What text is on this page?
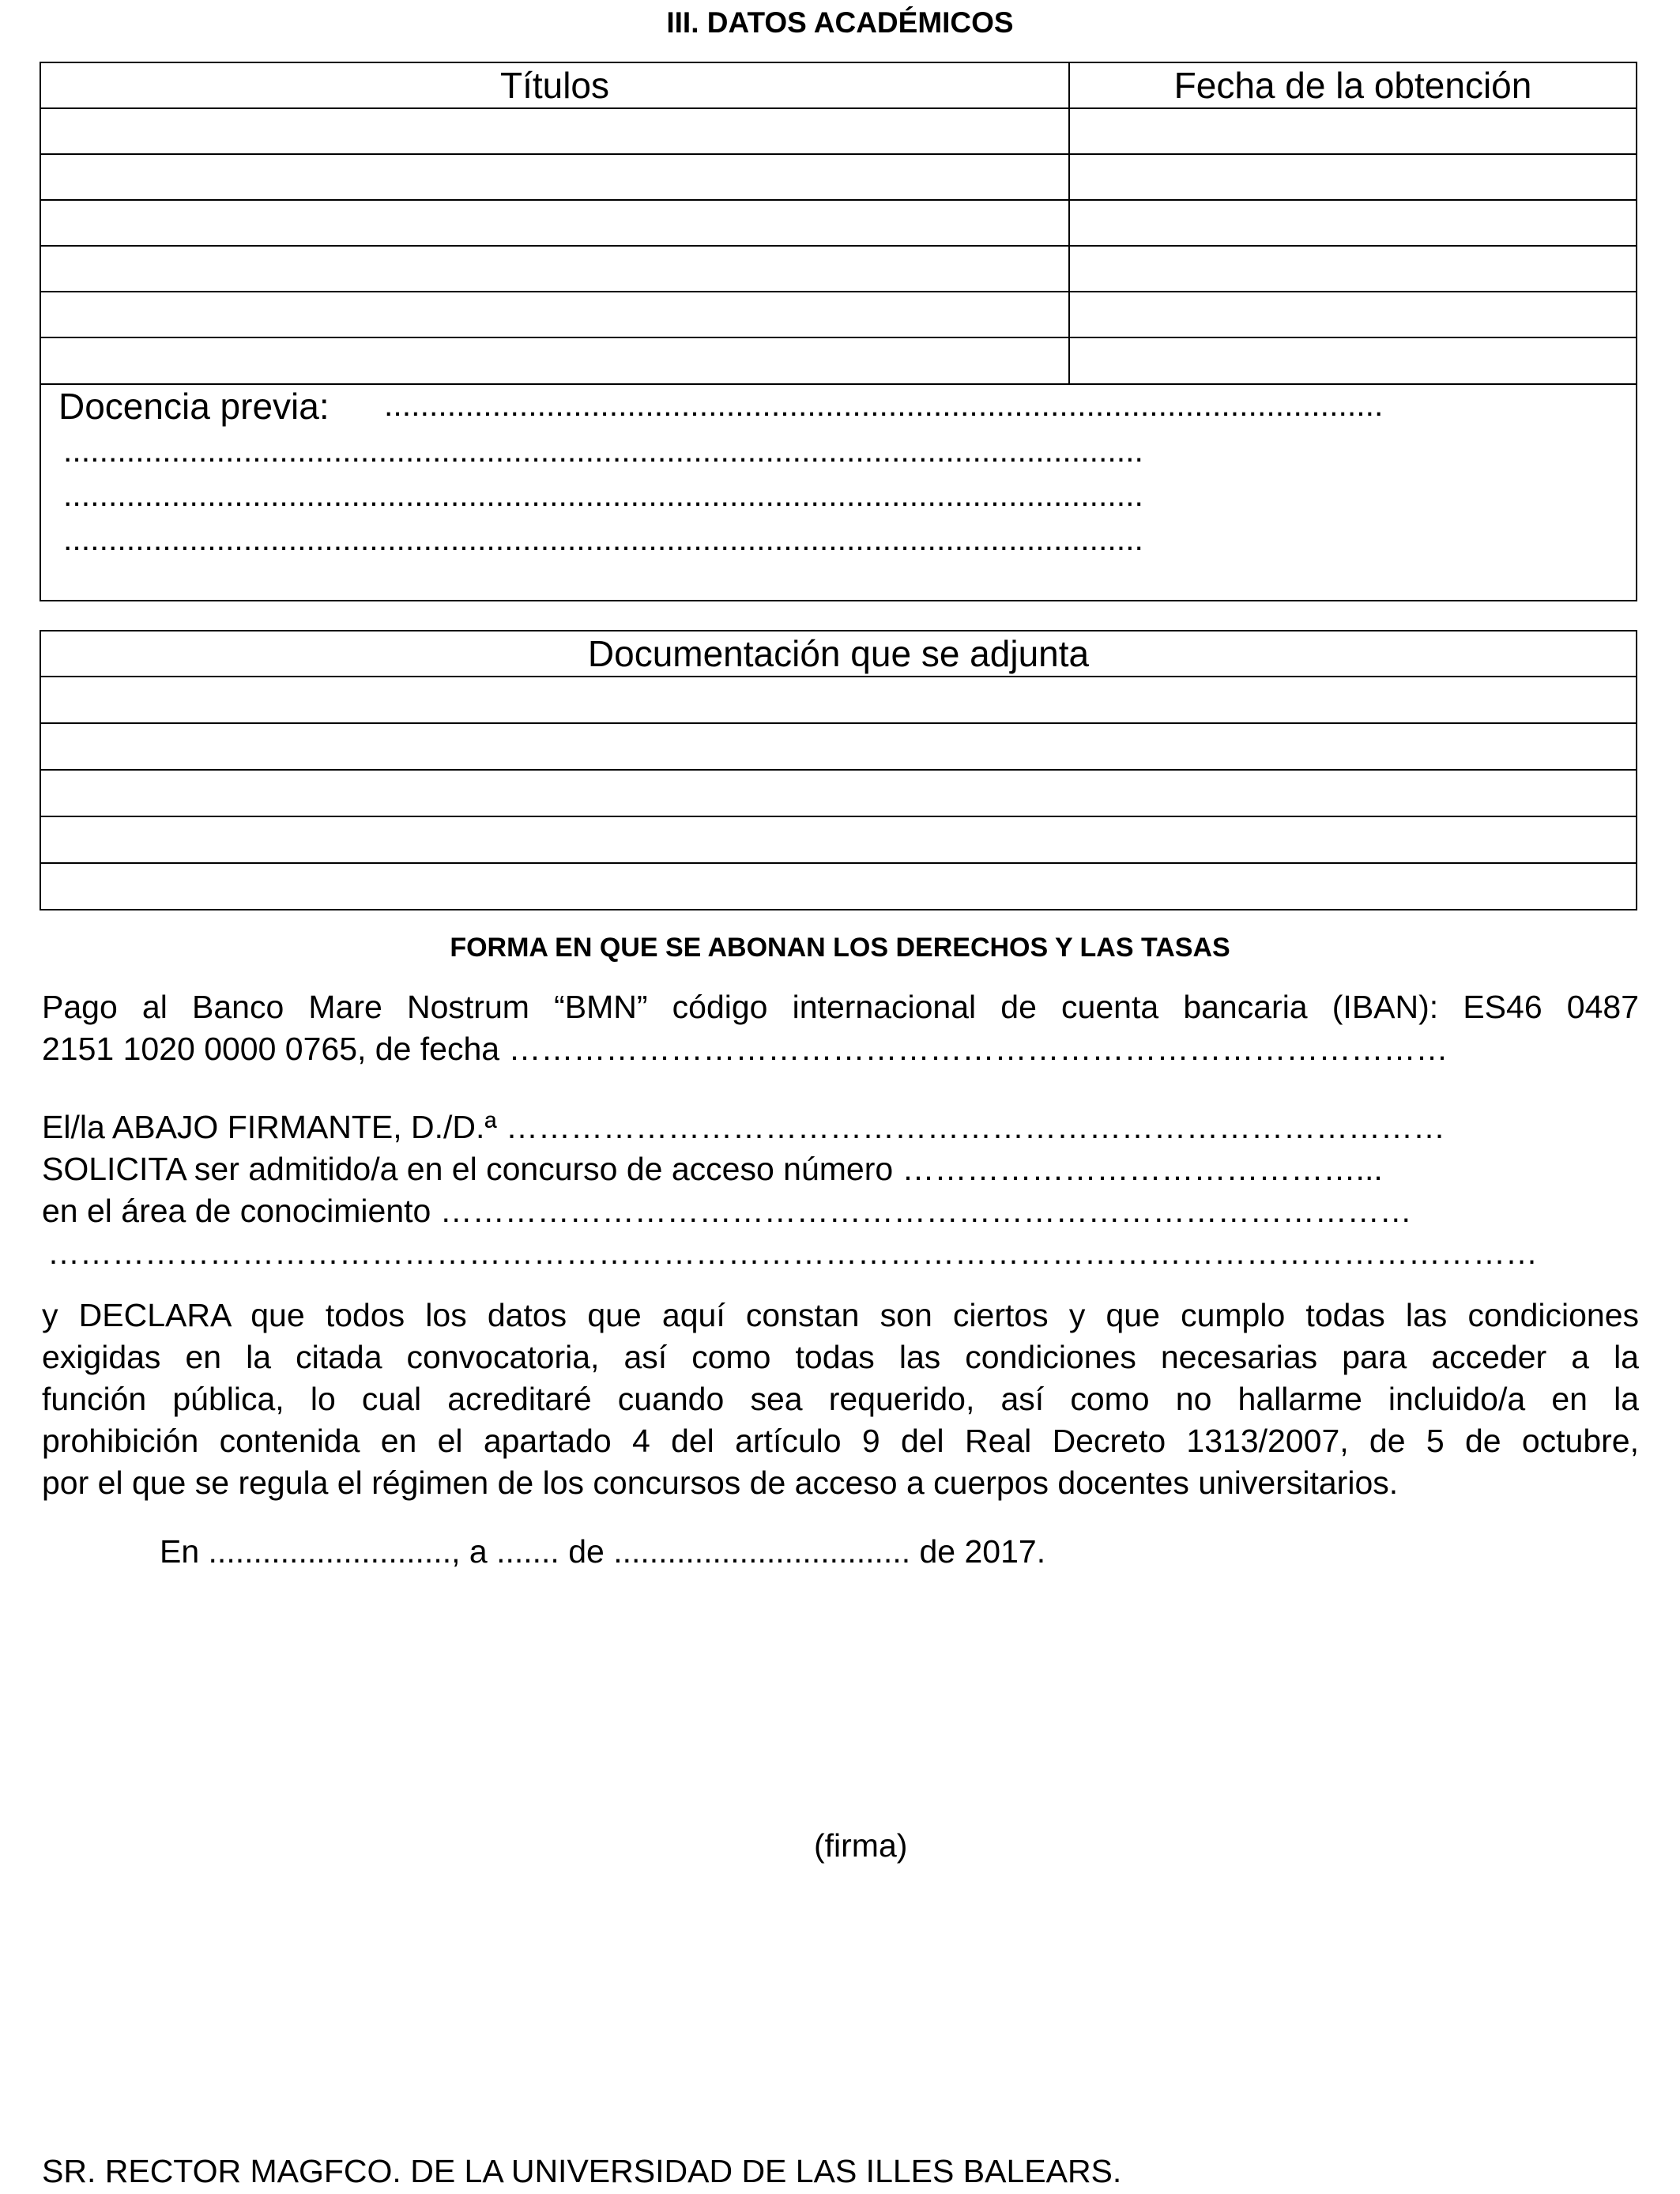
III. DATOS ACADÉMICOS
Títulos	Fecha de la obtención

Docencia previa: ...............................................................................................................
........................................................................................................................
........................................................................................................................
........................................................................................................................	
Documentación que se adjunta

FORMA EN QUE SE ABONAN LOS DERECHOS Y LAS TASAS
Pago al Banco Mare Nostrum “BMN” código internacional de cuenta bancaria (IBAN): ES46 0487
2151 1020 0000 0765, de fecha ……………………………………………………………………………
El/la ABAJO FIRMANTE, D./D.ª ……………………………………………………………………………
SOLICITA ser admitido/a en el concurso de acceso número ……………………………………...
en el área de conocimiento ………………………………………………………………………………
…………………………………………………………………………………………………………………………
y DECLARA que todos los datos que aquí constan son ciertos y que cumplo todas las condiciones
exigidas en la citada convocatoria, así como todas las condiciones necesarias para acceder a la
función pública, lo cual acreditaré cuando sea requerido, así como no hallarme incluido/a en la
prohibición contenida en el apartado 4 del artículo 9 del Real Decreto 1313/2007, de 5 de octubre,
por el que se regula el régimen de los concursos de acceso a cuerpos docentes universitarios.
En ..........................., a ....... de ................................. de 2017.
(firma)
SR. RECTOR MAGFCO. DE LA UNIVERSIDAD DE LAS ILLES BALEARS.
